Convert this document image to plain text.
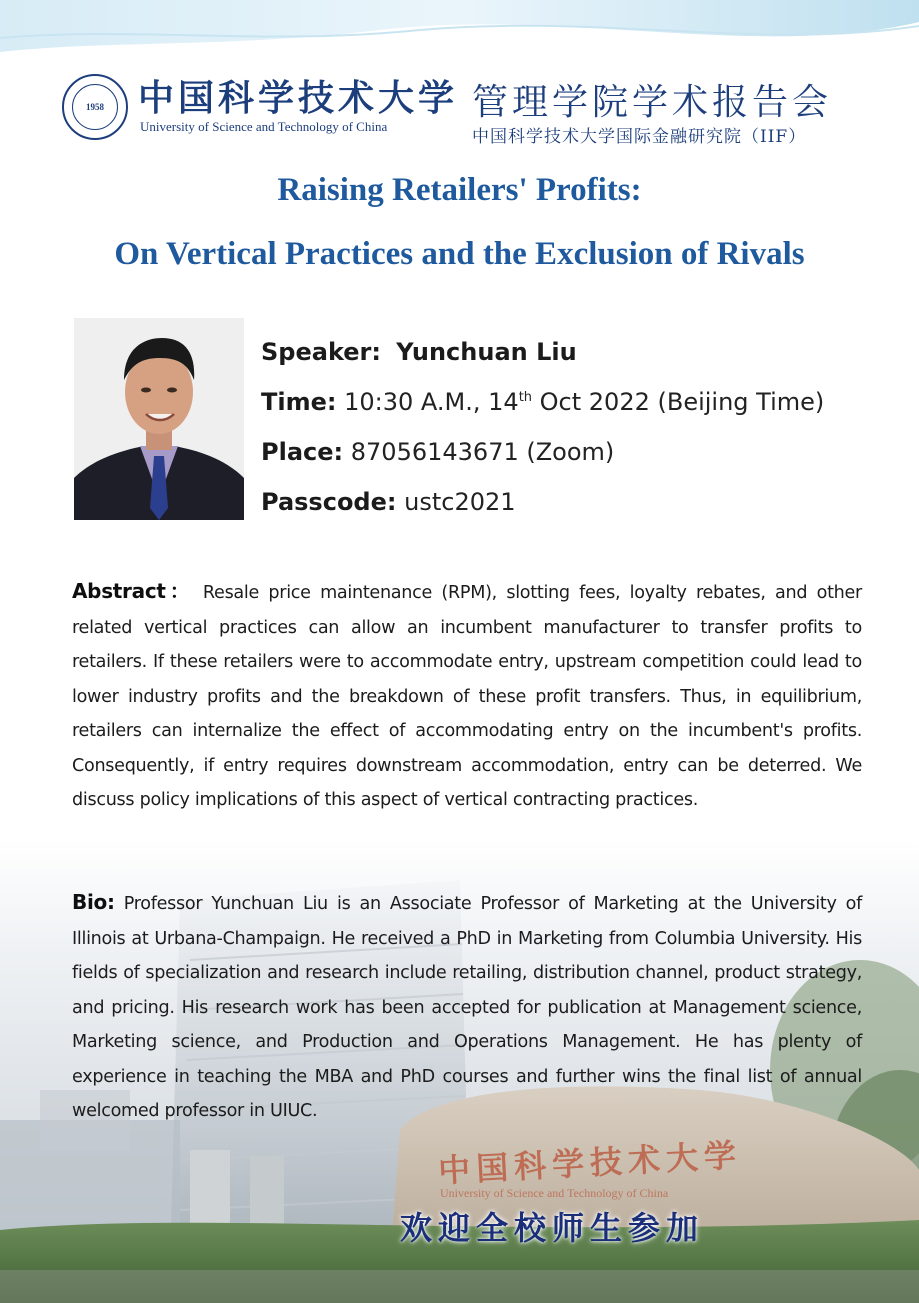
1958 中国科学技术大学
University of Science and Technology of China
管理学院学术报告会
中国科学技术大学国际金融研究院（IIF）
Raising Retailers' Profits:
On Vertical Practices and the Exclusion of Rivals
Speaker: Yunchuan Liu
Time: 10:30 A.M., 14th Oct 2022 (Beijing Time)
Place: 87056143671 (Zoom)
Passcode: ustc2021
Abstract： Resale price maintenance (RPM), slotting fees, loyalty rebates, and other related vertical practices can allow an incumbent manufacturer to transfer profits to retailers. If these retailers were to accommodate entry, upstream competition could lead to lower industry profits and the breakdown of these profit transfers. Thus, in equilibrium, retailers can internalize the effect of accommodating entry on the incumbent's profits. Consequently, if entry requires downstream accommodation, entry can be deterred. We discuss policy implications of this aspect of vertical contracting practices.
Bio: Professor Yunchuan Liu is an Associate Professor of Marketing at the University of Illinois at Urbana-Champaign. He received a PhD in Marketing from Columbia University. His fields of specialization and research include retailing, distribution channel, product strategy, and pricing. His research work has been accepted for publication at Management science, Marketing science, and Production and Operations Management. He has plenty of experience in teaching the MBA and PhD courses and further wins the final list of annual welcomed professor in UIUC.
中国科学技术大学
University of Science and Technology of China
欢迎全校师生参加
